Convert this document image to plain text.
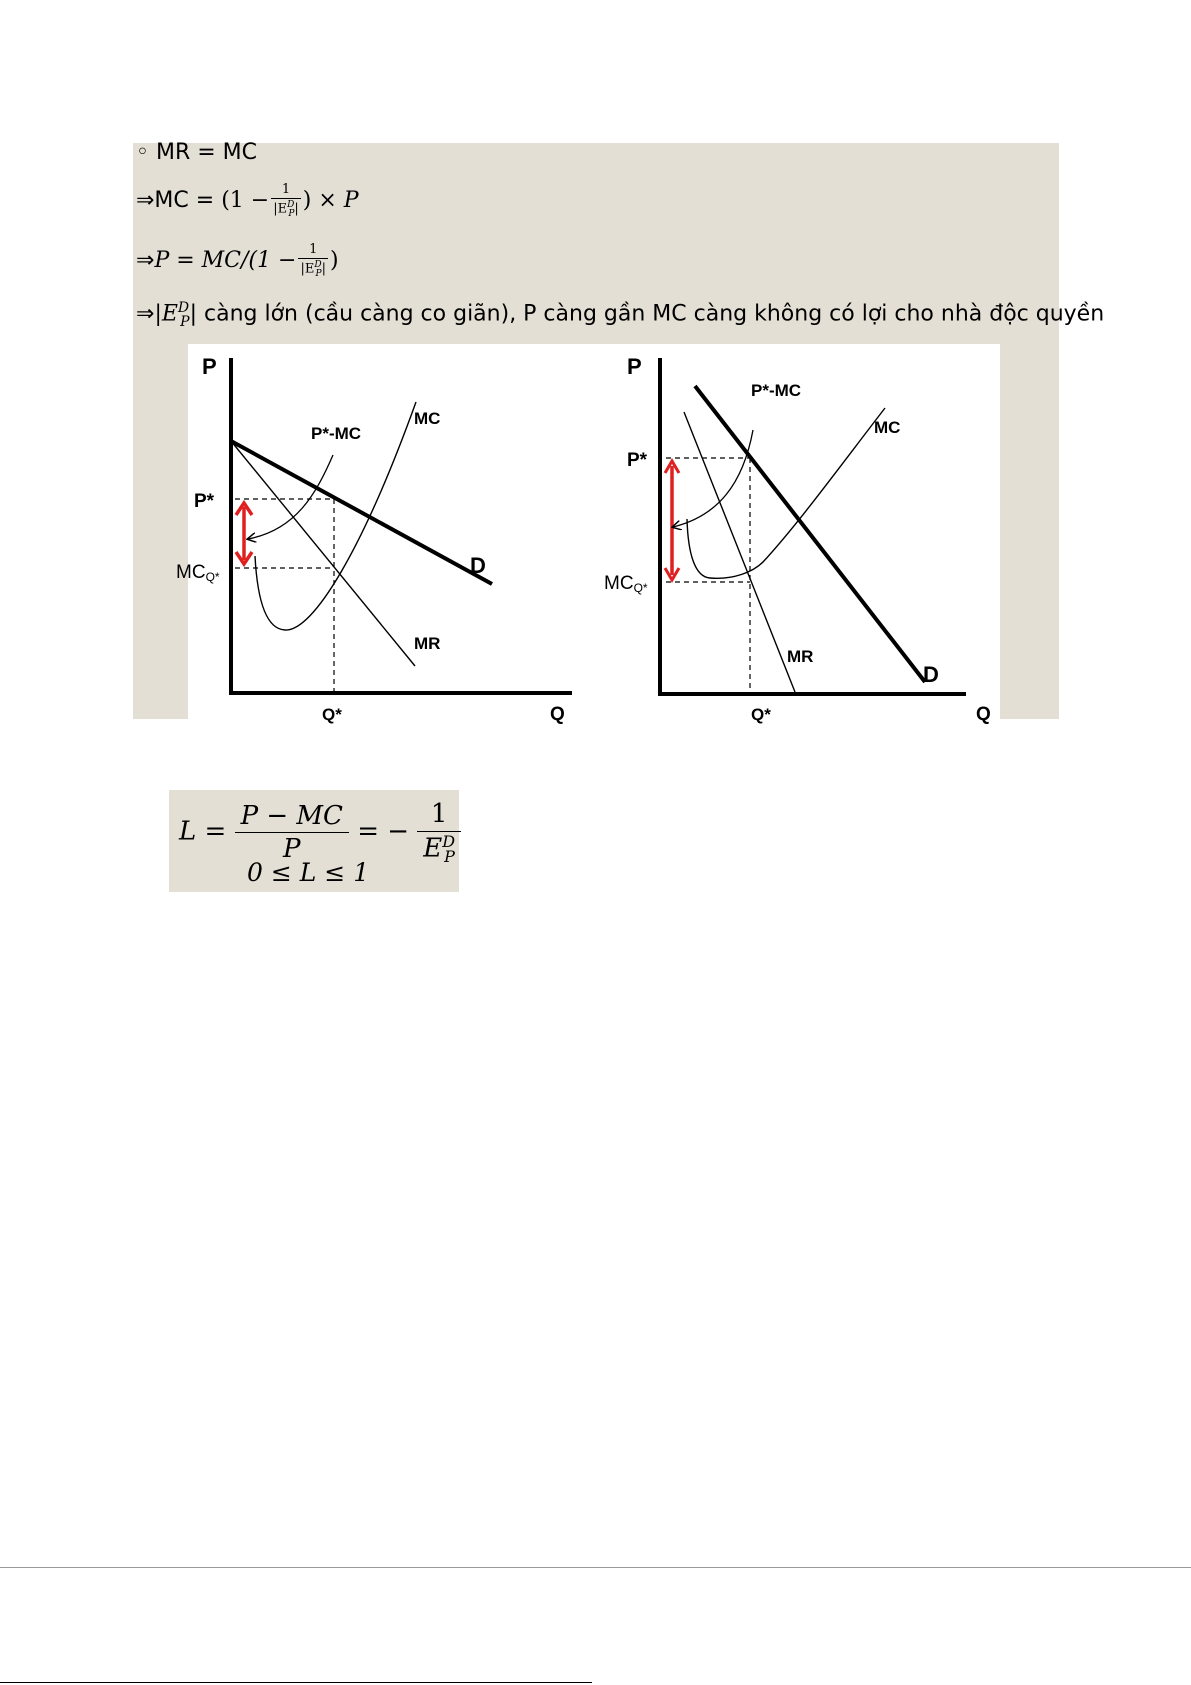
◦ MR = MC
⇒MC = ($1 - \frac{1}{|E^D_P|}$ ) × P
⇒P = $MC/(1 - \frac{1}{|E^D_P|}$ )
$\Rightarrow|E^D_P|$ càng lớn (cầu càng co giãn), P càng gần MC càng không có lợi cho nhà độc quyền
P
Q
P*
MCQ*
Q*
P*-MC
MC
D
MR
P
Q
P*
MCQ*
Q*
P*-MC
MC
D
MR
$L = \frac{P - MC}{P}$ = − $\frac{1}{E^D_P}$
0 ≤ L ≤ 1
